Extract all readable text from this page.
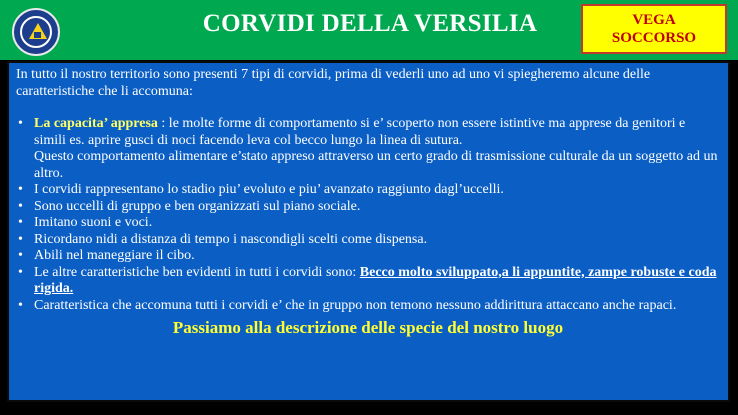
CORVIDI DELLA VERSILIA	VEGA
SOCCORSO

In tutto il nostro territorio sono presenti 7 tipi di corvidi, prima di vederli uno ad uno vi spiegheremo alcune delle caratteristiche che li accomuna:

• La capacita’ appresa : le molte forme di comportamento si e’ scoperto non essere istintive ma apprese da genitori e simili es. aprire gusci di noci facendo leva col becco lungo la linea di sutura.

Questo comportamento alimentare e’stato appreso attraverso un certo grado di trasmissione culturale da un soggetto ad un altro.

• I corvidi rappresentano lo stadio piu’ evoluto e piu’ avanzato raggiunto dagl’uccelli.
• Sono uccelli di gruppo e ben organizzati sul piano sociale.
• Imitano suoni e voci.
• Ricordano nidi a distanza di tempo i nascondigli scelti come dispensa.
• Abili nel maneggiare il cibo.
• Le altre caratteristiche ben evidenti in tutti i corvidi sono: Becco molto sviluppato,a li appuntite, zampe robuste e coda rigida.
• Caratteristica che accomuna tutti i corvidi e’ che in gruppo non temono nessuno addirittura attaccano anche rapaci.

Passiamo alla descrizione delle specie del nostro luogo
